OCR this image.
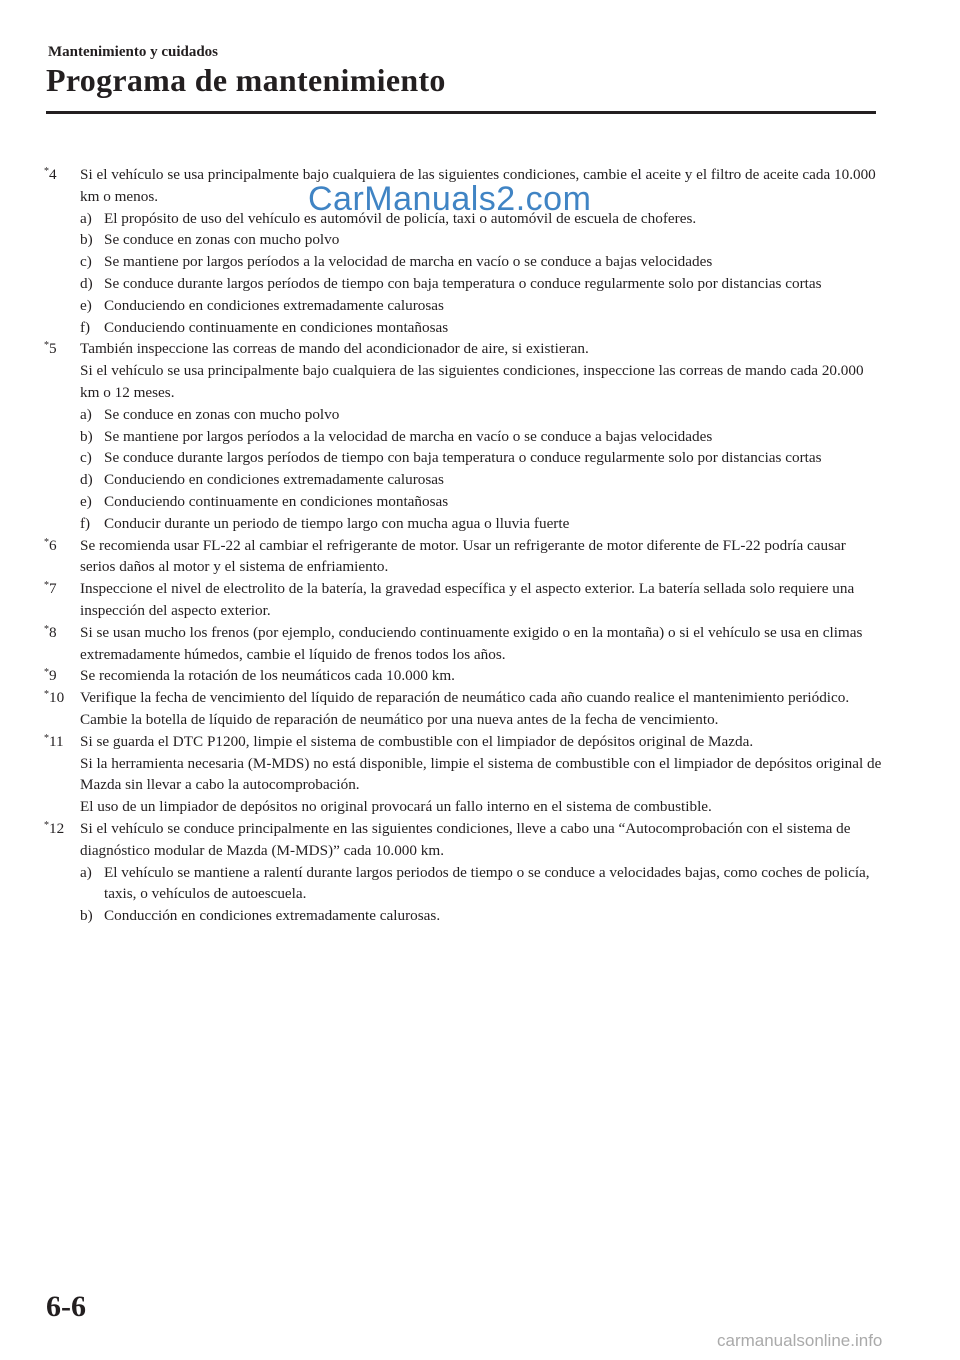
Mantenimiento y cuidados
Programa de mantenimiento
*4 Si el vehículo se usa principalmente bajo cualquiera de las siguientes condiciones, cambie el aceite y el filtro de aceite cada 10.000 km o menos.

a) El propósito de uso del vehículo es automóvil de policía, taxi o automóvil de escuela de choferes.
b) Se conduce en zonas con mucho polvo
c) Se mantiene por largos períodos a la velocidad de marcha en vacío o se conduce a bajas velocidades
d) Se conduce durante largos períodos de tiempo con baja temperatura o conduce regularmente solo por distancias cortas
e) Conduciendo en condiciones extremadamente calurosas
f) Conduciendo continuamente en condiciones montañosas
*5 También inspeccione las correas de mando del acondicionador de aire, si existieran.

Si el vehículo se usa principalmente bajo cualquiera de las siguientes condiciones, inspeccione las correas de mando cada 20.000 km o 12 meses.

a) Se conduce en zonas con mucho polvo
b) Se mantiene por largos períodos a la velocidad de marcha en vacío o se conduce a bajas velocidades
c) Se conduce durante largos períodos de tiempo con baja temperatura o conduce regularmente solo por distancias cortas
d) Conduciendo en condiciones extremadamente calurosas
e) Conduciendo continuamente en condiciones montañosas
f) Conducir durante un periodo de tiempo largo con mucha agua o lluvia fuerte
*6 Se recomienda usar FL-22 al cambiar el refrigerante de motor. Usar un refrigerante de motor diferente de FL-22 podría causar serios daños al motor y el sistema de enfriamiento.

*7 Inspeccione el nivel de electrolito de la batería, la gravedad específica y el aspecto exterior. La batería sellada solo requiere una inspección del aspecto exterior.

*8 Si se usan mucho los frenos (por ejemplo, conduciendo continuamente exigido o en la montaña) o si el vehículo se usa en climas extremadamente húmedos, cambie el líquido de frenos todos los años.

*9 Se recomienda la rotación de los neumáticos cada 10.000 km.

*10 Verifique la fecha de vencimiento del líquido de reparación de neumático cada año cuando realice el mantenimiento periódico. Cambie la botella de líquido de reparación de neumático por una nueva antes de la fecha de vencimiento.

*11 Si se guarda el DTC P1200, limpie el sistema de combustible con el limpiador de depósitos original de Mazda.

Si la herramienta necesaria (M-MDS) no está disponible, limpie el sistema de combustible con el limpiador de depósitos original de Mazda sin llevar a cabo la autocomprobación.

El uso de un limpiador de depósitos no original provocará un fallo interno en el sistema de combustible.

*12 Si el vehículo se conduce principalmente en las siguientes condiciones, lleve a cabo una “Autocomprobación con el sistema de diagnóstico modular de Mazda (M-MDS)” cada 10.000 km.

a) El vehículo se mantiene a ralentí durante largos periodos de tiempo o se conduce a velocidades bajas, como coches de policía, taxis, o vehículos de autoescuela.
b) Conducción en condiciones extremadamente calurosas.
CarManuals2.com
6-6
carmanualsonline.info
